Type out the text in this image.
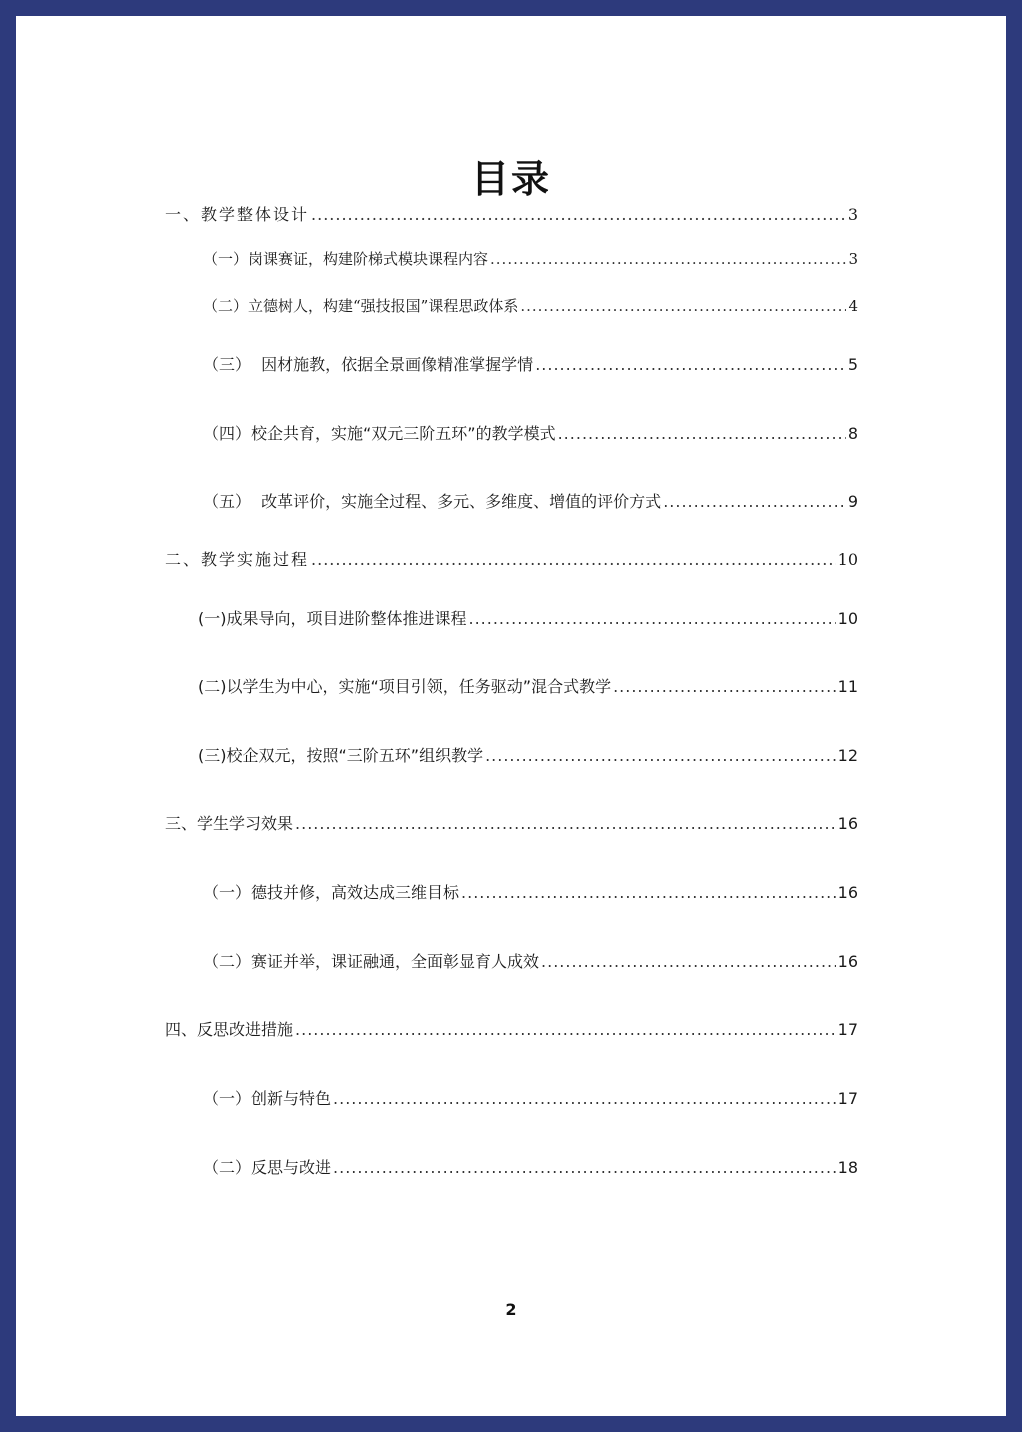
目录
一、教学整体设计 .....	3
（一）岗课赛证，构建阶梯式模块课程内容 .....	3
（二）立德树人，构建“强技报国”课程思政体系 .....	4
（三）  因材施教，依据全景画像精准掌握学情 .....	5
（四）校企共育，实施“双元三阶五环”的教学模式 .....	8
（五）  改革评价，实施全过程、多元、多维度、增值的评价方式 .....	9
二、教学实施过程 .....	10
(一)成果导向，项目进阶整体推进课程 .....	10
(二)以学生为中心，实施“项目引领，任务驱动”混合式教学 .....	11
(三)校企双元，按照“三阶五环”组织教学 .....	12
三、学生学习效果 .....	16
（一）德技并修，高效达成三维目标 .....	16
（二）赛证并举，课证融通，全面彰显育人成效 .....	16
四、反思改进措施 .....	17
（一）创新与特色 .....	17
（二）反思与改进 .....	18
2
